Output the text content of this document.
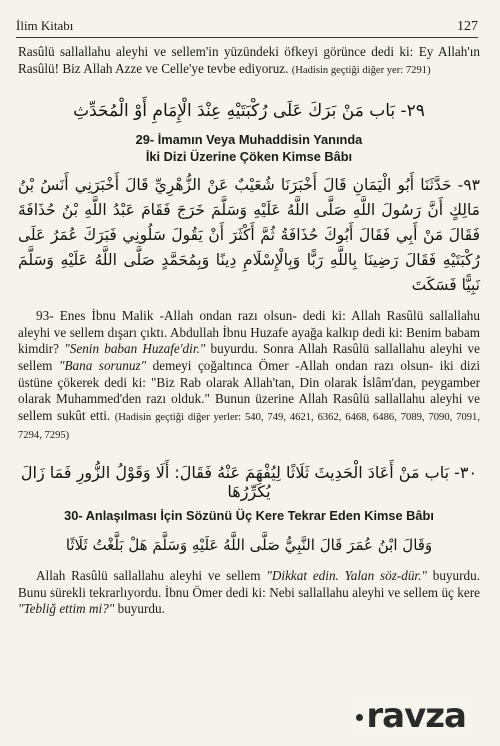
İlim Kitabı	127

Rasûlü sallallahu aleyhi ve sellem'in yüzündeki öfkeyi görünce dedi ki: Ey Allah'ın Rasûlü! Biz Allah Azze ve Celle'ye tevbe ediyoruz. (Hadisin geçtiği diğer yer: 7291)

٢٩- بَاب مَنْ بَرَكَ عَلَى رُكْبَتَيْهِ عِنْدَ الْإِمَامِ أَوْ الْمُحَدِّثِ
29- İmamın Veya Muhaddisin Yanında
İki Dizi Üzerine Çöken Kimse Bâbı
٩٣- حَدَّثَنَا أَبُو الْيَمَانِ قَالَ أَخْبَرَنَا شُعَيْبٌ عَنْ الزُّهْرِيِّ قَالَ أَخْبَرَنِي أَنَسُ بْنُ مَالِكٍ أَنَّ رَسُولَ اللَّهِ صَلَّى اللَّهُ عَلَيْهِ وَسَلَّمَ خَرَجَ فَقَامَ عَبْدُ اللَّهِ بْنُ حُذَافَةَ فَقَالَ مَنْ أَبِي فَقَالَ أَبُوكَ حُذَافَةُ ثُمَّ أَكْثَرَ أَنْ يَقُولَ سَلُونِي فَبَرَكَ عُمَرُ عَلَى رُكْبَتَيْهِ فَقَالَ رَضِينَا بِاللَّهِ رَبًّا وَبِالْإِسْلَامِ دِينًا وَبِمُحَمَّدٍ صَلَّى اللَّهُ عَلَيْهِ وَسَلَّمَ نَبِيًّا فَسَكَتَ

93- Enes İbnu Malik -Allah ondan razı olsun- dedi ki: Allah Rasûlü sallallahu aleyhi ve sellem dışarı çıktı. Abdullah İbnu Huzafe ayağa kalkıp dedi ki: Benim babam kimdir? "Senin baban Huzafe'dir." buyurdu. Sonra Allah Rasûlü sallallahu aleyhi ve sellem "Bana sorunuz" demeyi çoğaltınca Ömer -Allah ondan razı olsun- iki dizi üstüne çökerek dedi ki: "Biz Rab olarak Allah'tan, Din olarak İslâm'dan, peygamber olarak Muhammed'den razı olduk." Bunun üzerine Allah Rasûlü sallallahu aleyhi ve sellem sukût etti. (Hadisin geçtiği diğer yerler: 540, 749, 4621, 6362, 6468, 6486, 7089, 7090, 7091, 7294, 7295)

٣٠- بَاب مَنْ أَعَادَ الْحَدِيثَ ثَلَاثًا لِيُفْهَمَ عَنْهُ فَقَالَ: أَلَا وَقَوْلُ الزُّورِ فَمَا زَالَ يُكَرِّرُهَا
30- Anlaşılması İçin Sözünü Üç Kere Tekrar Eden Kimse Bâbı
وَقَالَ ابْنُ عُمَرَ قَالَ النَّبِيُّ صَلَّى اللَّهُ عَلَيْهِ وَسَلَّمَ هَلْ بَلَّغْتُ ثَلَاثًا

Allah Rasûlü sallallahu aleyhi ve sellem "Dikkat edin. Yalan söz-dür." buyurdu. Bunu sürekli tekrarlıyordu. İbnu Ömer dedi ki: Nebi sallallahu aleyhi ve sellem üç kere "Tebliğ ettim mi?" buyurdu.

ravza
